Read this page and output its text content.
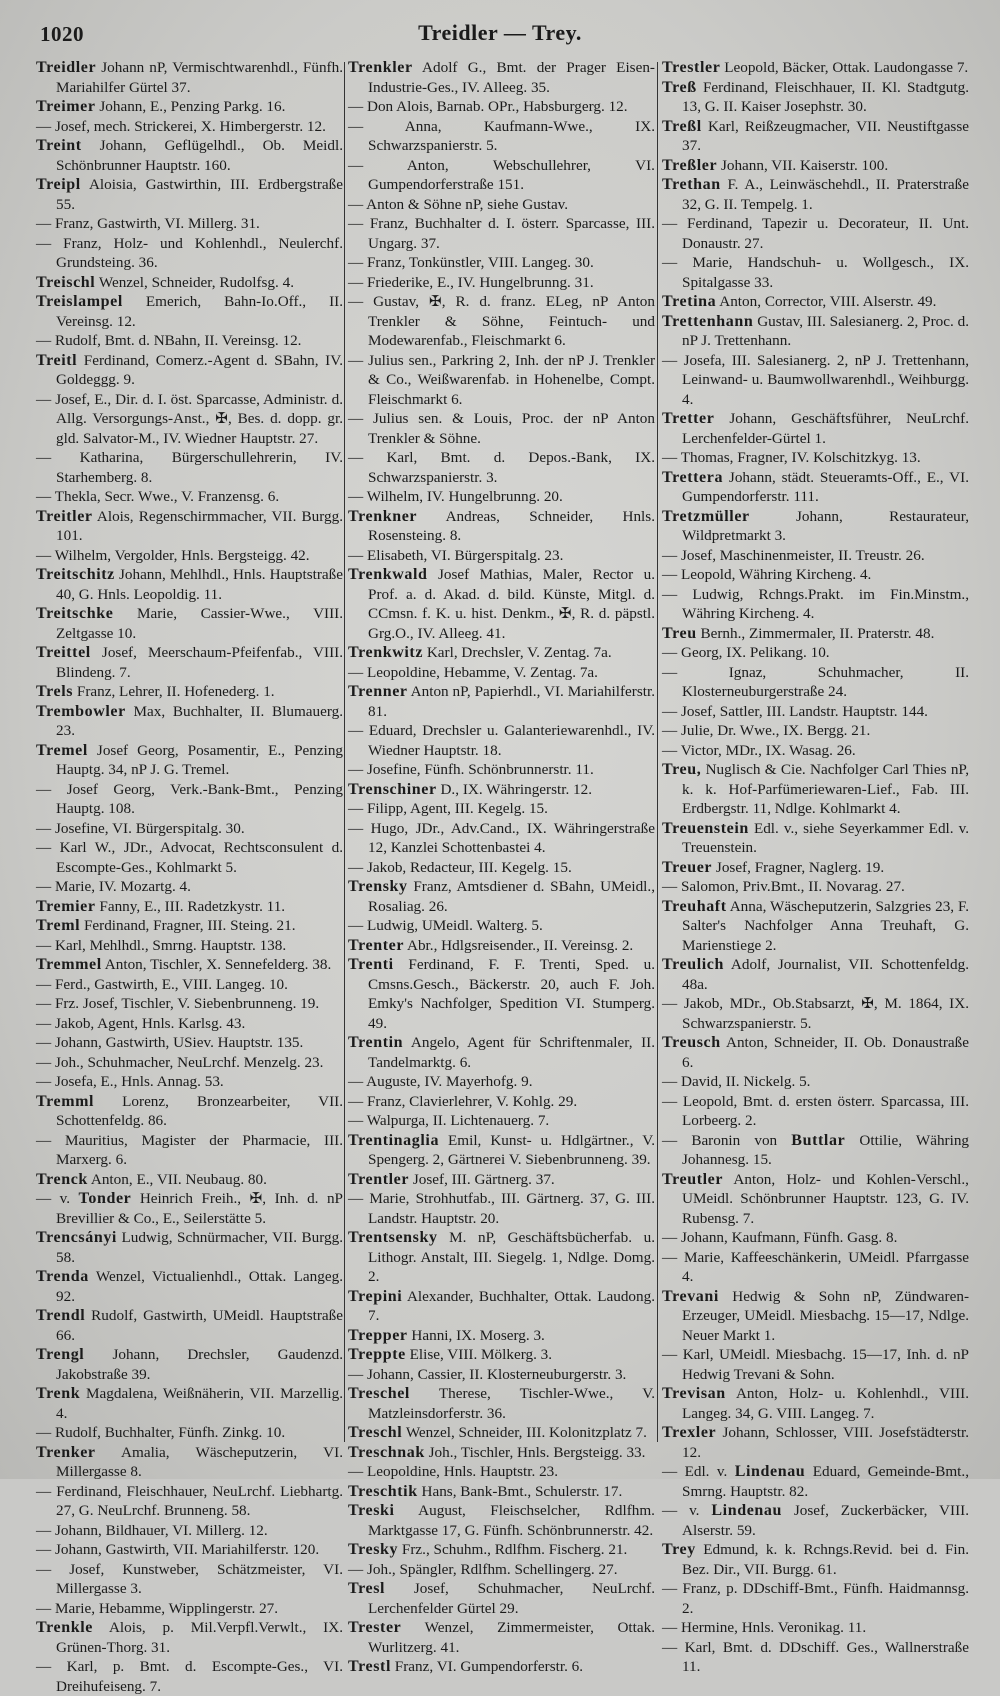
1020	Treidler — Trey.

Treidler Johann nP, Vermischtwarenhdl., Fünfh. Mariahilfer Gürtel 37.

Treimer Johann, E., Penzing Parkg. 16.

— Josef, mech. Strickerei, X. Himbergerstr. 12.

Treint Johann, Geflügelhdl., Ob. Meidl. Schönbrunner Hauptstr. 160.

Treipl Aloisia, Gastwirthin, III. Erdbergstraße 55.

— Franz, Gastwirth, VI. Millerg. 31.

— Franz, Holz- und Kohlenhdl., Neulerchf. Grundsteing. 36.

Treischl Wenzel, Schneider, Rudolfsg. 4.

Treislampel Emerich, Bahn-Io.Off., II. Vereinsg. 12.

— Rudolf, Bmt. d. NBahn, II. Vereinsg. 12.

Treitl Ferdinand, Comerz.-Agent d. SBahn, IV. Goldeggg. 9.

— Josef, E., Dir. d. I. öst. Sparcasse, Administr. d. Allg. Versorgungs-Anst., ✠, Bes. d. dopp. gr. gld. Salvator-M., IV. Wiedner Hauptstr. 27.

— Katharina, Bürgerschullehrerin, IV. Starhemberg. 8.

— Thekla, Secr. Wwe., V. Franzensg. 6.

Treitler Alois, Regenschirmmacher, VII. Burgg. 101.

— Wilhelm, Vergolder, Hnls. Bergsteigg. 42.

Treitschitz Johann, Mehlhdl., Hnls. Hauptstraße 40, G. Hnls. Leopoldig. 11.

Treitschke Marie, Cassier-Wwe., VIII. Zeltgasse 10.

Treittel Josef, Meerschaum-Pfeifenfab., VIII. Blindeng. 7.

Trels Franz, Lehrer, II. Hofenederg. 1.

Trembowler Max, Buchhalter, II. Blumauerg. 23.

Tremel Josef Georg, Posamentir, E., Penzing Hauptg. 34, nP J. G. Tremel.

— Josef Georg, Verk.-Bank-Bmt., Penzing Hauptg. 108.

— Josefine, VI. Bürgerspitalg. 30.

— Karl W., JDr., Advocat, Rechtsconsulent d. Escompte-Ges., Kohlmarkt 5.

— Marie, IV. Mozartg. 4.

Tremier Fanny, E., III. Radetzkystr. 11.

Treml Ferdinand, Fragner, III. Steing. 21.

— Karl, Mehlhdl., Smrng. Hauptstr. 138.

Tremmel Anton, Tischler, X. Sennefelderg. 38.

— Ferd., Gastwirth, E., VIII. Langeg. 10.

— Frz. Josef, Tischler, V. Siebenbrunneng. 19.

— Jakob, Agent, Hnls. Karlsg. 43.

— Johann, Gastwirth, USiev. Hauptstr. 135.

— Joh., Schuhmacher, NeuLrchf. Menzelg. 23.

— Josefa, E., Hnls. Annag. 53.

Tremml Lorenz, Bronzearbeiter, VII. Schottenfeldg. 86.

— Mauritius, Magister der Pharmacie, III. Marxerg. 6.

Trenck Anton, E., VII. Neubaug. 80.

— v. Tonder Heinrich Freih., ✠, Inh. d. nP Brevillier & Co., E., Seilerstätte 5.

Trencsányi Ludwig, Schnürmacher, VII. Burgg. 58.

Trenda Wenzel, Victualienhdl., Ottak. Langeg. 92.

Trendl Rudolf, Gastwirth, UMeidl. Hauptstraße 66.

Trengl Johann, Drechsler, Gaudenzd. Jakobstraße 39.

Trenk Magdalena, Weißnäherin, VII. Marzellig. 4.

— Rudolf, Buchhalter, Fünfh. Zinkg. 10.

Trenker Amalia, Wäscheputzerin, VI. Millergasse 8.

— Ferdinand, Fleischhauer, NeuLrchf. Liebhartg. 27, G. NeuLrchf. Brunneng. 58.

— Johann, Bildhauer, VI. Millerg. 12.

— Johann, Gastwirth, VII. Mariahilferstr. 120.

— Josef, Kunstweber, Schätzmeister, VI. Millergasse 3.

— Marie, Hebamme, Wipplingerstr. 27.

Trenkle Alois, p. Mil.Verpfl.Verwlt., IX. Grünen-Thorg. 31.

— Karl, p. Bmt. d. Escompte-Ges., VI. Dreihufeiseng. 7.

Trenkler Adolf G., Bmt. der Prager Eisen-Industrie-Ges., IV. Alleeg. 35.

— Don Alois, Barnab. OPr., Habsburgerg. 12.

— Anna, Kaufmann-Wwe., IX. Schwarzspanierstr. 5.

— Anton, Webschullehrer, VI. Gumpendorferstraße 151.

— Anton & Söhne nP, siehe Gustav.

— Franz, Buchhalter d. I. österr. Sparcasse, III. Ungarg. 37.

— Franz, Tonkünstler, VIII. Langeg. 30.

— Friederike, E., IV. Hungelbrunng. 31.

— Gustav, ✠, R. d. franz. ELeg, nP Anton Trenkler & Söhne, Feintuch- und Modewarenfab., Fleischmarkt 6.

— Julius sen., Parkring 2, Inh. der nP J. Trenkler & Co., Weißwarenfab. in Hohenelbe, Compt. Fleischmarkt 6.

— Julius sen. & Louis, Proc. der nP Anton Trenkler & Söhne.

— Karl, Bmt. d. Depos.-Bank, IX. Schwarzspanierstr. 3.

— Wilhelm, IV. Hungelbrunng. 20.

Trenkner Andreas, Schneider, Hnls. Rosensteing. 8.

— Elisabeth, VI. Bürgerspitalg. 23.

Trenkwald Josef Mathias, Maler, Rector u. Prof. a. d. Akad. d. bild. Künste, Mitgl. d. CCmsn. f. K. u. hist. Denkm., ✠, R. d. päpstl. Grg.O., IV. Alleeg. 41.

Trenkwitz Karl, Drechsler, V. Zentag. 7a.

— Leopoldine, Hebamme, V. Zentag. 7a.

Trenner Anton nP, Papierhdl., VI. Mariahilferstr. 81.

— Eduard, Drechsler u. Galanteriewarenhdl., IV. Wiedner Hauptstr. 18.

— Josefine, Fünfh. Schönbrunnerstr. 11.

Trenschiner D., IX. Währingerstr. 12.

— Filipp, Agent, III. Kegelg. 15.

— Hugo, JDr., Adv.Cand., IX. Währingerstraße 12, Kanzlei Schottenbastei 4.

— Jakob, Redacteur, III. Kegelg. 15.

Trensky Franz, Amtsdiener d. SBahn, UMeidl., Rosaliag. 26.

— Ludwig, UMeidl. Walterg. 5.

Trenter Abr., Hdlgsreisender., II. Vereinsg. 2.

Trenti Ferdinand, F. F. Trenti, Sped. u. Cmsns.Gesch., Bäckerstr. 20, auch F. Joh. Emky's Nachfolger, Spedition VI. Stumperg. 49.

Trentin Angelo, Agent für Schriftenmaler, II. Tandelmarktg. 6.

— Auguste, IV. Mayerhofg. 9.

— Franz, Clavierlehrer, V. Kohlg. 29.

— Walpurga, II. Lichtenauerg. 7.

Trentinaglia Emil, Kunst- u. Hdlgärtner., V. Spengerg. 2, Gärtnerei V. Siebenbrunneng. 39.

Trentler Josef, III. Gärtnerg. 37.

— Marie, Strohhutfab., III. Gärtnerg. 37, G. III. Landstr. Hauptstr. 20.

Trentsensky M. nP, Geschäftsbücherfab. u. Lithogr. Anstalt, III. Siegelg. 1, Ndlge. Domg. 2.

Trepini Alexander, Buchhalter, Ottak. Laudong. 7.

Trepper Hanni, IX. Moserg. 3.

Treppte Elise, VIII. Mölkerg. 3.

— Johann, Cassier, II. Klosterneuburgerstr. 3.

Treschel Therese, Tischler-Wwe., V. Matzleinsdorferstr. 36.

Treschl Wenzel, Schneider, III. Kolonitzplatz 7.

Treschnak Joh., Tischler, Hnls. Bergsteigg. 33.

— Leopoldine, Hnls. Hauptstr. 23.

Treschtik Hans, Bank-Bmt., Schulerstr. 17.

Treski August, Fleischselcher, Rdlfhm. Marktgasse 17, G. Fünfh. Schönbrunnerstr. 42.

Tresky Frz., Schuhm., Rdlfhm. Fischerg. 21.

— Joh., Spängler, Rdlfhm. Schellingerg. 27.

Tresl Josef, Schuhmacher, NeuLrchf. Lerchenfelder Gürtel 29.

Trester Wenzel, Zimmermeister, Ottak. Wurlitzerg. 41.

Trestl Franz, VI. Gumpendorferstr. 6.

Trestler Leopold, Bäcker, Ottak. Laudongasse 7.

Treß Ferdinand, Fleischhauer, II. Kl. Stadtgutg. 13, G. II. Kaiser Josephstr. 30.

Treßl Karl, Reißzeugmacher, VII. Neustiftgasse 37.

Treßler Johann, VII. Kaiserstr. 100.

Trethan F. A., Leinwäschehdl., II. Praterstraße 32, G. II. Tempelg. 1.

— Ferdinand, Tapezir u. Decorateur, II. Unt. Donaustr. 27.

— Marie, Handschuh- u. Wollgesch., IX. Spitalgasse 33.

Tretina Anton, Corrector, VIII. Alserstr. 49.

Trettenhann Gustav, III. Salesianerg. 2, Proc. d. nP J. Trettenhann.

— Josefa, III. Salesianerg. 2, nP J. Trettenhann, Leinwand- u. Baumwollwarenhdl., Weihburgg. 4.

Tretter Johann, Geschäftsführer, NeuLrchf. Lerchenfelder-Gürtel 1.

— Thomas, Fragner, IV. Kolschitzkyg. 13.

Trettera Johann, städt. Steueramts-Off., E., VI. Gumpendorferstr. 111.

Tretzmüller	Johann, Restaurateur, Wildpretmarkt 3.

— Josef, Maschinenmeister, II. Treustr. 26.

— Leopold, Währing Kircheng. 4.

— Ludwig, Rchngs.Prakt. im Fin.Minstm., Währing Kircheng. 4.

Treu Bernh., Zimmermaler, II. Praterstr. 48.

— Georg, IX. Pelikang. 10.

— Ignaz, Schuhmacher, II. Klosterneuburgerstraße 24.

— Josef, Sattler, III. Landstr. Hauptstr. 144.

— Julie, Dr. Wwe., IX. Bergg. 21.

— Victor, MDr., IX. Wasag. 26.

Treu, Nuglisch & Cie. Nachfolger Carl Thies nP, k. k. Hof-Parfümeriewaren-Lief., Fab. III. Erdbergstr. 11, Ndlge. Kohlmarkt 4.

Treuenstein Edl. v., siehe Seyerkammer Edl. v. Treuenstein.

Treuer Josef, Fragner, Naglerg. 19.

— Salomon, Priv.Bmt., II. Novarag. 27.

Treuhaft Anna, Wäscheputzerin, Salzgries 23, F. Salter's Nachfolger Anna Treuhaft, G. Marienstiege 2.

Treulich Adolf, Journalist, VII. Schottenfeldg. 48a.

— Jakob, MDr., Ob.Stabsarzt, ✠, M. 1864, IX. Schwarzspanierstr. 5.

Treusch Anton, Schneider, II. Ob. Donaustraße 6.

— David, II. Nickelg. 5.

— Leopold, Bmt. d. ersten österr. Sparcassa, III. Lorbeerg. 2.

— Baronin von Buttlar Ottilie, Währing Johannesg. 15.

Treutler Anton, Holz- und Kohlen-Verschl., UMeidl. Schönbrunner Hauptstr. 123, G. IV. Rubensg. 7.

— Johann, Kaufmann, Fünfh. Gasg. 8.

— Marie, Kaffeeschänkerin, UMeidl. Pfarrgasse 4.

Trevani Hedwig & Sohn nP, Zündwaren-Erzeuger, UMeidl. Miesbachg. 15—17, Ndlge. Neuer Markt 1.

— Karl, UMeidl. Miesbachg. 15—17, Inh. d. nP Hedwig Trevani & Sohn.

Trevisan Anton, Holz- u. Kohlenhdl., VIII. Langeg. 34, G. VIII. Langeg. 7.

Trexler Johann, Schlosser, VIII. Josefstädterstr. 12.

— Edl. v. Lindenau Eduard, Gemeinde-Bmt., Smrng. Hauptstr. 82.

— v. Lindenau Josef, Zuckerbäcker, VIII. Alserstr. 59.

Trey Edmund, k. k. Rchngs.Revid. bei d. Fin. Bez. Dir., VII. Burgg. 61.

— Franz, p. DDschiff-Bmt., Fünfh. Haidmannsg. 2.

— Hermine, Hnls. Veronikag. 11.

— Karl, Bmt. d. DDschiff. Ges., Wallnerstraße 11.
